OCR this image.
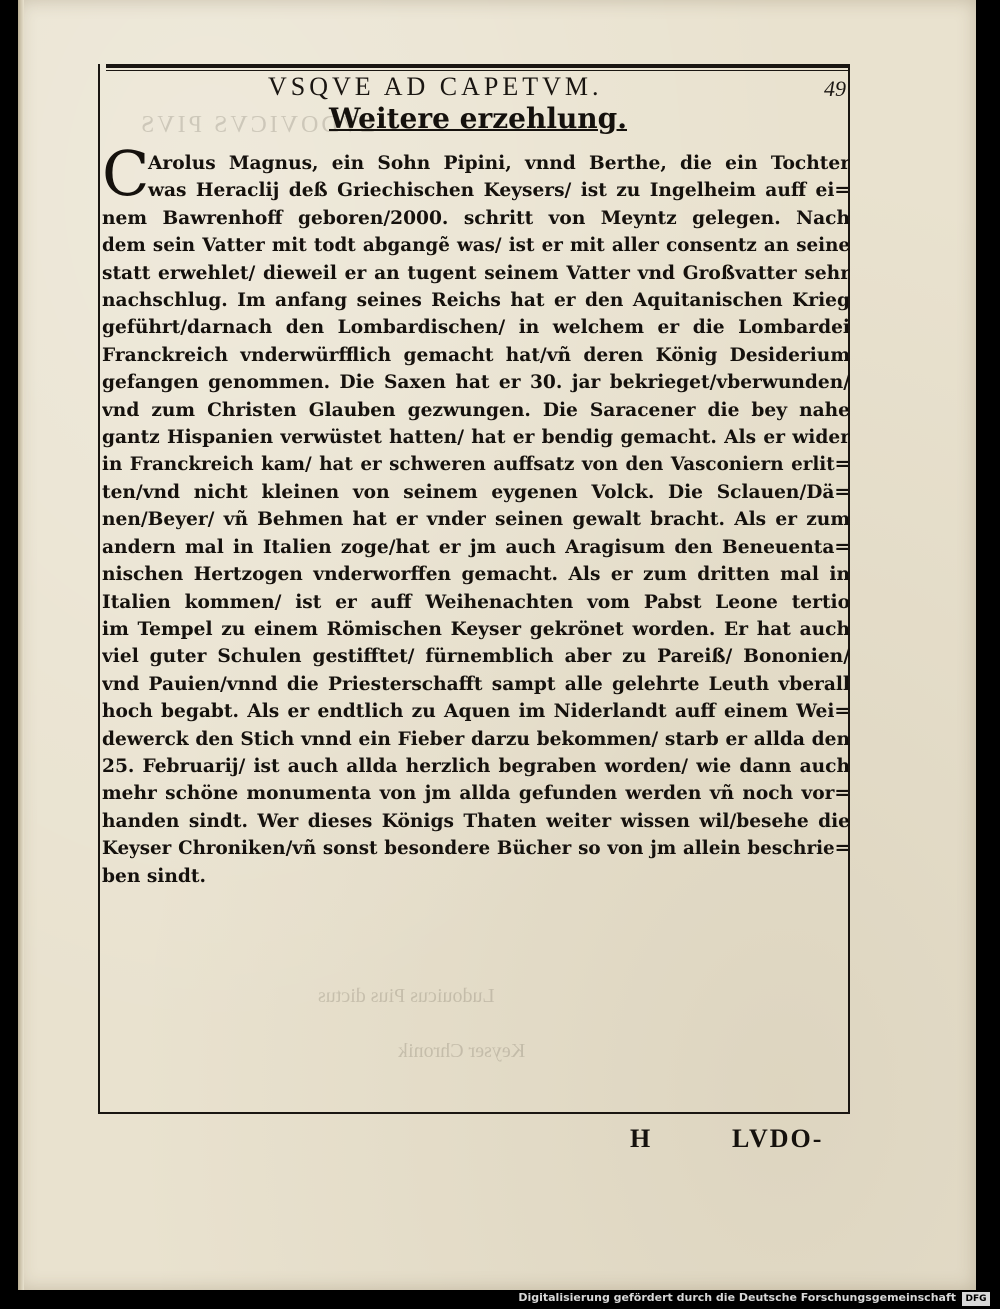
LVDOVICVS PIVS
Ludouicus Pius dictus
Keyser Chronik
VSQVE AD CAPETVM.	49
Weitere erzehlung.
C
Arolus Magnus, ein Sohn Pipini, vnnd Berthe, die ein Tochter
was Heraclij deß Griechischen Keysers/ ist zu Ingelheim auff ei=
nem Bawrenhoff geboren/2000. schritt von Meyntz gelegen. Nach
dem sein Vatter mit todt abgangẽ was/ ist er mit aller consentz an seine
statt erwehlet/ dieweil er an tugent seinem Vatter vnd Großvatter sehr
nachschlug. Im anfang seines Reichs hat er den Aquitanischen Krieg
geführt/darnach den Lombardischen/ in welchem er die Lombardei
Franckreich vnderwürfflich gemacht hat/vñ deren König Desiderium
gefangen genommen. Die Saxen hat er 30. jar bekrieget/vberwunden/
vnd zum Christen Glauben gezwungen. Die Saracener die bey nahe
gantz Hispanien verwüstet hatten/ hat er bendig gemacht. Als er wider
in Franckreich kam/ hat er schweren auffsatz von den Vasconiern erlit=
ten/vnd nicht kleinen von seinem eygenen Volck. Die Sclauen/Dä=
nen/Beyer/ vñ Behmen hat er vnder seinen gewalt bracht. Als er zum
andern mal in Italien zoge/hat er jm auch Aragisum den Beneuenta=
nischen Hertzogen vnderworffen gemacht. Als er zum dritten mal in
Italien kommen/ ist er auff Weihenachten vom Pabst Leone tertio
im Tempel zu einem Römischen Keyser gekrönet worden. Er hat auch
viel guter Schulen gestifftet/ fürnemblich aber zu Pareiß/ Bononien/
vnd Pauien/vnnd die Priesterschafft sampt alle gelehrte Leuth vberall
hoch begabt. Als er endtlich zu Aquen im Niderlandt auff einem Wei=
dewerck den Stich vnnd ein Fieber darzu bekommen/ starb er allda den
25. Februarij/ ist auch allda herzlich begraben worden/ wie dann auch
mehr schöne monumenta von jm allda gefunden werden vñ noch vor=
handen sindt. Wer dieses Königs Thaten weiter wissen wil/besehe die
Keyser Chroniken/vñ sonst besondere Bücher so von jm allein beschrie=
ben sindt.
H	LVDO-
Digitalisierung gefördert durch die Deutsche Forschungsgemeinschaft	DFG
